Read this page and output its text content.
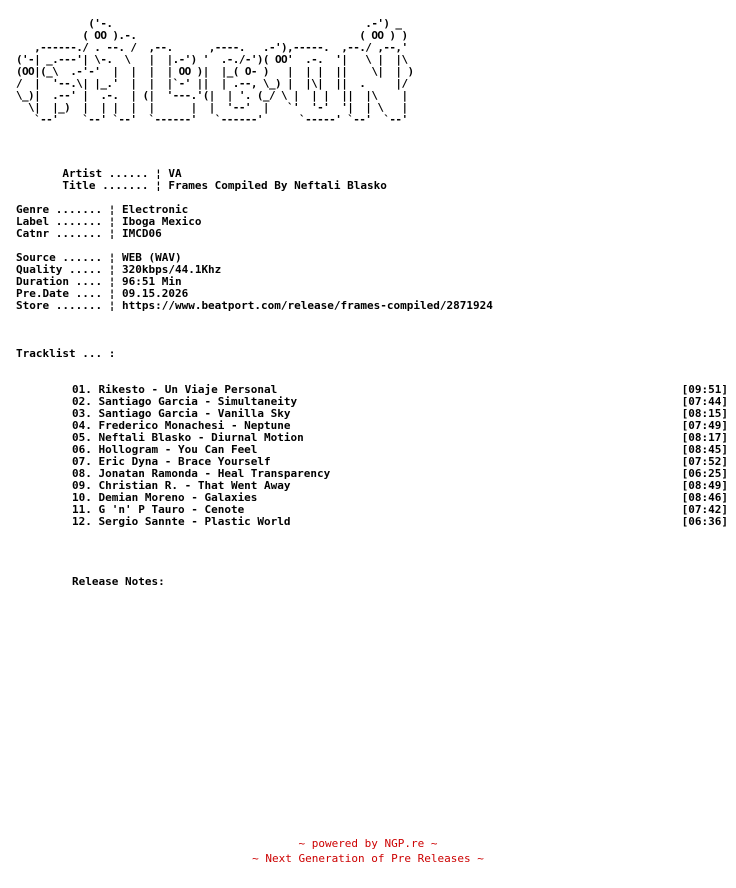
('-.                                          .-') _
( OO ).-.                                     ( OO ) )
,------./ . --. /  ,--.      ,----.   .-'),-----.  ,--./ ,--,'
('-| _.---'| \-.  \   |  |.-') '  .-./-')( OO'  .-.  '|   \ |  |\
(OO|(_\  .-'-'  |  |  |  | OO )|  |_( O- )   |  | |  ||    \|  | )
/  |  '--.\| |_.'  |  |  |`-' ||  | .--, \_) |  |\|  ||  .     |/
\_)|  .--' |  .-.  | (|  '---.'(|  | '. (_/ \ |  | |  ||  |\    |
\|  |_)  |  | |  |  |      |  |  '--'  |   `'  '-'  '|  | \   |
`--'    `--' `--'  `------'   `------'      `-----' `--'  `--'
Artist ...... ¦ VA
Title ....... ¦ Frames Compiled By Neftali Blasko
Genre ....... ¦ Electronic
Label ....... ¦ Iboga Mexico
Catnr ....... ¦ IMCD06
Source ...... ¦ WEB (WAV)
Quality ..... ¦ 320kbps/44.1Khz
Duration .... ¦ 96:51 Min
Pre.Date .... ¦ 09.15.2026
Store ....... ¦ https://www.beatport.com/release/frames-compiled/2871924
Tracklist ... :
01. Rikesto - Un Viaje Personal	[09:51]
02. Santiago Garcia - Simultaneity	[07:44]
03. Santiago Garcia - Vanilla Sky	[08:15]
04. Frederico Monachesi - Neptune	[07:49]
05. Neftali Blasko - Diurnal Motion	[08:17]
06. Hollogram - You Can Feel	[08:45]
07. Eric Dyna - Brace Yourself	[07:52]
08. Jonatan Ramonda - Heal Transparency	[06:25]
09. Christian R. - That Went Away	[08:49]
10. Demian Moreno - Galaxies	[08:46]
11. G 'n' P Tauro - Cenote	[07:42]
12. Sergio Sannte - Plastic World	[06:36]
Release Notes:
~ powered by NGP.re ~
~ Next Generation of Pre Releases ~
